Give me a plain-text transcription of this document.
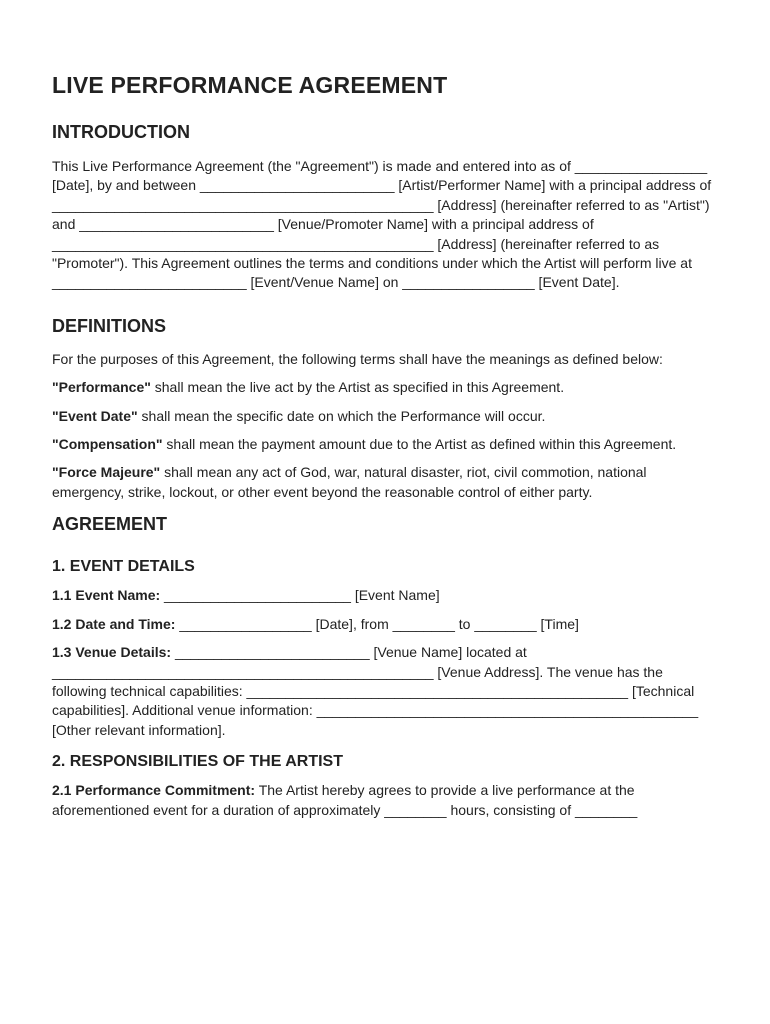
LIVE PERFORMANCE AGREEMENT
INTRODUCTION

This Live Performance Agreement (the "Agreement") is made and entered into as of _________________ [Date], by and between _________________________ [Artist/Performer Name] with a principal address of _________________________________________________ [Address] (hereinafter referred to as "Artist") and _________________________ [Venue/Promoter Name] with a principal address of _________________________________________________ [Address] (hereinafter referred to as "Promoter"). This Agreement outlines the terms and conditions under which the Artist will perform live at _________________________ [Event/Venue Name] on _________________ [Event Date].

DEFINITIONS

For the purposes of this Agreement, the following terms shall have the meanings as defined below:

"Performance" shall mean the live act by the Artist as specified in this Agreement.

"Event Date" shall mean the specific date on which the Performance will occur.

"Compensation" shall mean the payment amount due to the Artist as defined within this Agreement.

"Force Majeure" shall mean any act of God, war, natural disaster, riot, civil commotion, national emergency, strike, lockout, or other event beyond the reasonable control of either party.

AGREEMENT
1. EVENT DETAILS

1.1 Event Name: ________________________ [Event Name]

1.2 Date and Time: _________________ [Date], from ________ to ________ [Time]

1.3 Venue Details: _________________________ [Venue Name] located at _________________________________________________ [Venue Address]. The venue has the following technical capabilities: _________________________________________________ [Technical capabilities]. Additional venue information: _________________________________________________ [Other relevant information].

2. RESPONSIBILITIES OF THE ARTIST

2.1 Performance Commitment: The Artist hereby agrees to provide a live performance at the aforementioned event for a duration of approximately ________ hours, consisting of ________
